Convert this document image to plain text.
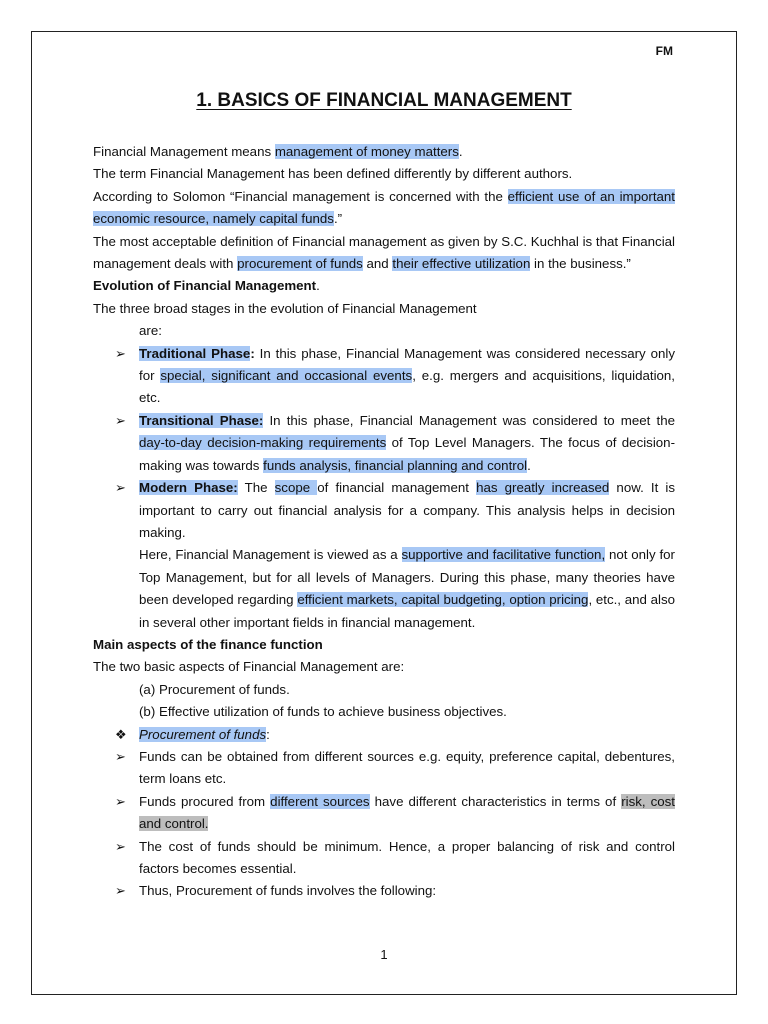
FM
1. BASICS OF FINANCIAL MANAGEMENT

Financial Management means management of money matters.

The term Financial Management has been defined differently by different authors.

According to Solomon “Financial management is concerned with the efficient use of an important economic resource, namely capital funds.”

The most acceptable definition of Financial management as given by S.C. Kuchhal is that Financial management deals with procurement of funds and their effective utilization in the business.”

Evolution of Financial Management.

The three broad stages in the evolution of Financial Management

are:

➢ Traditional Phase: In this phase, Financial Management was considered necessary only for special, significant and occasional events, e.g. mergers and acquisitions, liquidation, etc.
➢ Transitional Phase: In this phase, Financial Management was considered to meet the day-to-day decision-making requirements of Top Level Managers. The focus of decision-making was towards funds analysis, financial planning and control.
➢ Modern Phase: The scope of financial management has greatly increased now. It is important to carry out financial analysis for a company. This analysis helps in decision making.

Here, Financial Management is viewed as a supportive and facilitative function, not only for Top Management, but for all levels of Managers. During this phase, many theories have been developed regarding efficient markets, capital budgeting, option pricing, etc., and also in several other important fields in financial management.

Main aspects of the finance function

The two basic aspects of Financial Management are:

(a) Procurement of funds.

(b) Effective utilization of funds to achieve business objectives.

❖ Procurement of funds:
➢ Funds can be obtained from different sources e.g. equity, preference capital, debentures, term loans etc.
➢ Funds procured from different sources have different characteristics in terms of risk, cost and control.
➢ The cost of funds should be minimum. Hence, a proper balancing of risk and control factors becomes essential.
➢ Thus, Procurement of funds involves the following:
1
